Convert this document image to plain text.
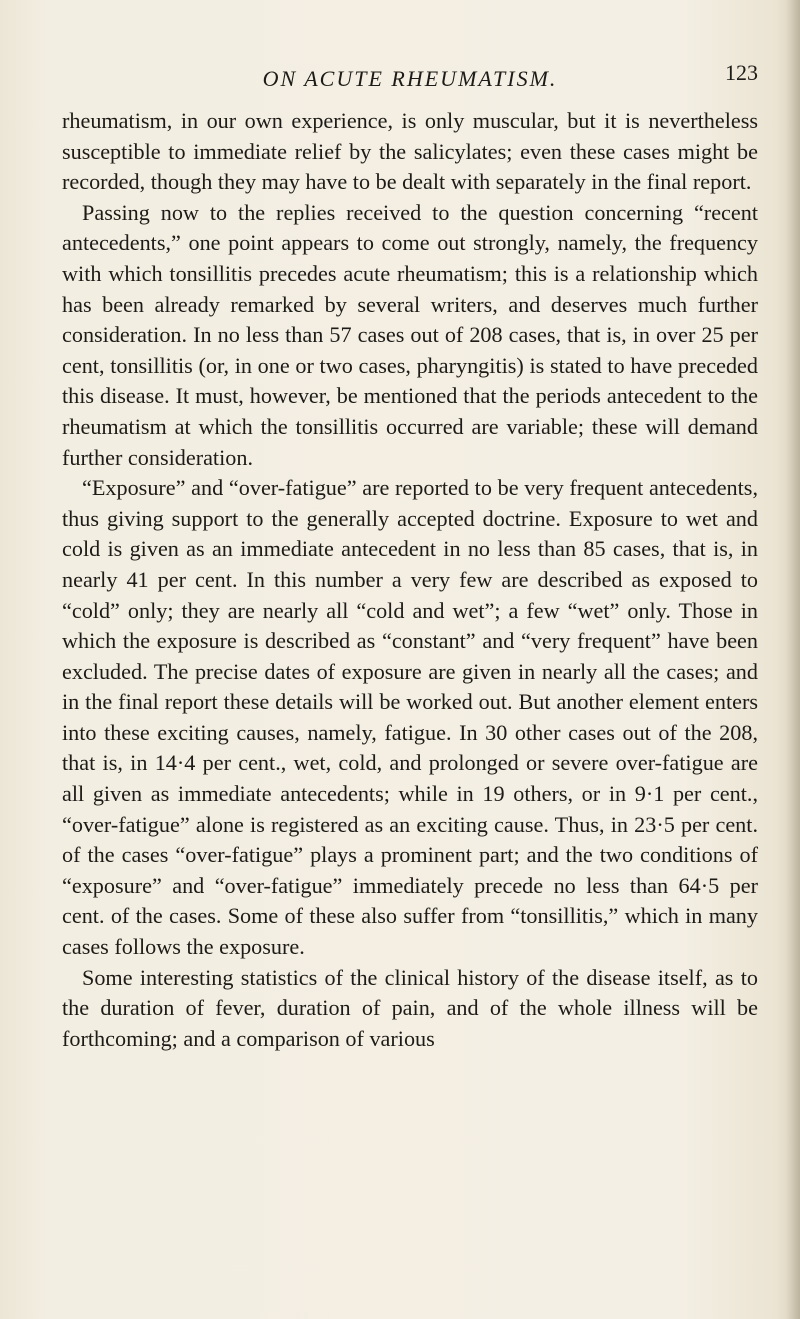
ON ACUTE RHEUMATISM.	123

rheumatism, in our own experience, is only muscular, but it is nevertheless susceptible to immediate relief by the salicylates; even these cases might be recorded, though they may have to be dealt with separately in the final report.

Passing now to the replies received to the question concerning “recent antecedents,” one point appears to come out strongly, namely, the frequency with which tonsillitis precedes acute rheumatism; this is a relationship which has been already remarked by several writers, and deserves much further consideration. In no less than 57 cases out of 208 cases, that is, in over 25 per cent, tonsillitis (or, in one or two cases, pharyngitis) is stated to have preceded this disease. It must, however, be mentioned that the periods antecedent to the rheumatism at which the tonsillitis occurred are variable; these will demand further consideration.

“Exposure” and “over-fatigue” are reported to be very frequent antecedents, thus giving support to the generally accepted doctrine. Exposure to wet and cold is given as an immediate antecedent in no less than 85 cases, that is, in nearly 41 per cent. In this number a very few are described as exposed to “cold” only; they are nearly all “cold and wet”; a few “wet” only. Those in which the exposure is described as “constant” and “very frequent” have been excluded. The precise dates of exposure are given in nearly all the cases; and in the final report these details will be worked out. But another element enters into these exciting causes, namely, fatigue. In 30 other cases out of the 208, that is, in 14·4 per cent., wet, cold, and prolonged or severe over-fatigue are all given as immediate antecedents; while in 19 others, or in 9·1 per cent., “over-fatigue” alone is registered as an exciting cause. Thus, in 23·5 per cent. of the cases “over-fatigue” plays a prominent part; and the two conditions of “exposure” and “over-fatigue” immediately precede no less than 64·5 per cent. of the cases. Some of these also suffer from “tonsillitis,” which in many cases follows the exposure.

Some interesting statistics of the clinical history of the disease itself, as to the duration of fever, duration of pain, and of the whole illness will be forthcoming; and a comparison of various
